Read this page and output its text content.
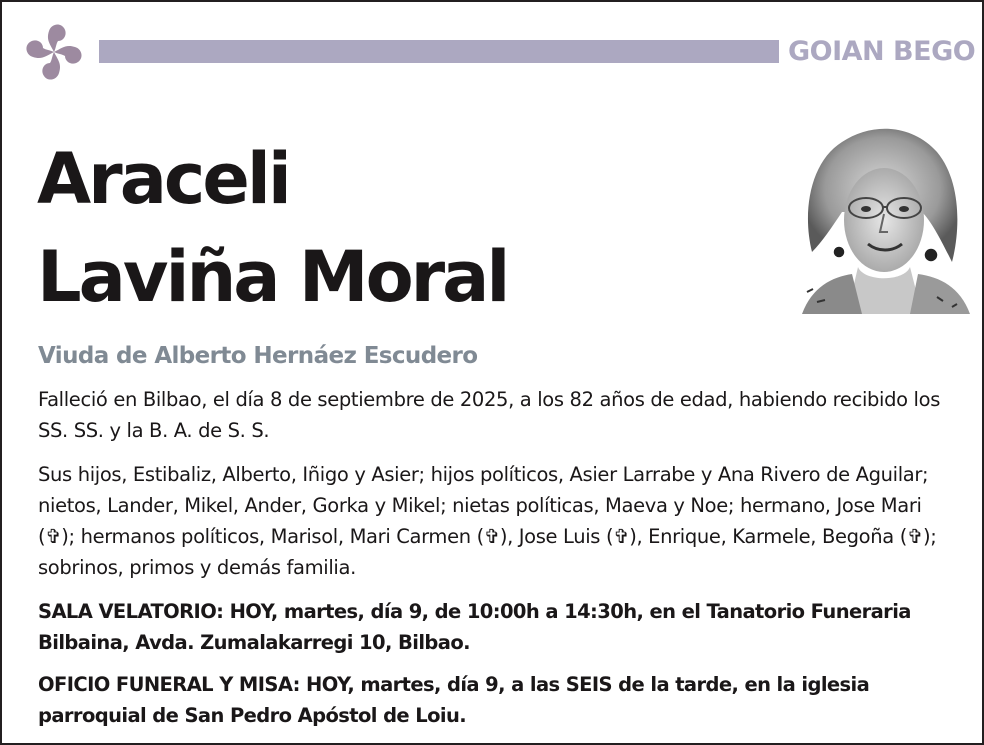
GOIAN BEGO
Araceli
Laviña Moral
Viuda de Alberto Hernáez Escudero
Falleció en Bilbao, el día 8 de septiembre de 2025, a los 82 años de edad, habiendo recibido los SS. SS. y la B. A. de S. S.
Sus hijos, Estibaliz, Alberto, Iñigo y Asier; hijos políticos, Asier Larrabe y Ana Rivero de Aguilar; nietos, Lander, Mikel, Ander, Gorka y Mikel; nietas políticas, Maeva y Noe; hermano, Jose Mari (✞); hermanos políticos, Marisol, Mari Carmen (✞), Jose Luis (✞), Enrique, Karmele, Begoña (✞); sobrinos, primos y demás familia.
SALA VELATORIO: HOY, martes, día 9, de 10:00h a 14:30h, en el Tanatorio Funeraria Bilbaina, Avda. Zumalakarregi 10, Bilbao.
OFICIO FUNERAL Y MISA: HOY, martes, día 9, a las SEIS de la tarde, en la iglesia parroquial de San Pedro Apóstol de Loiu.
